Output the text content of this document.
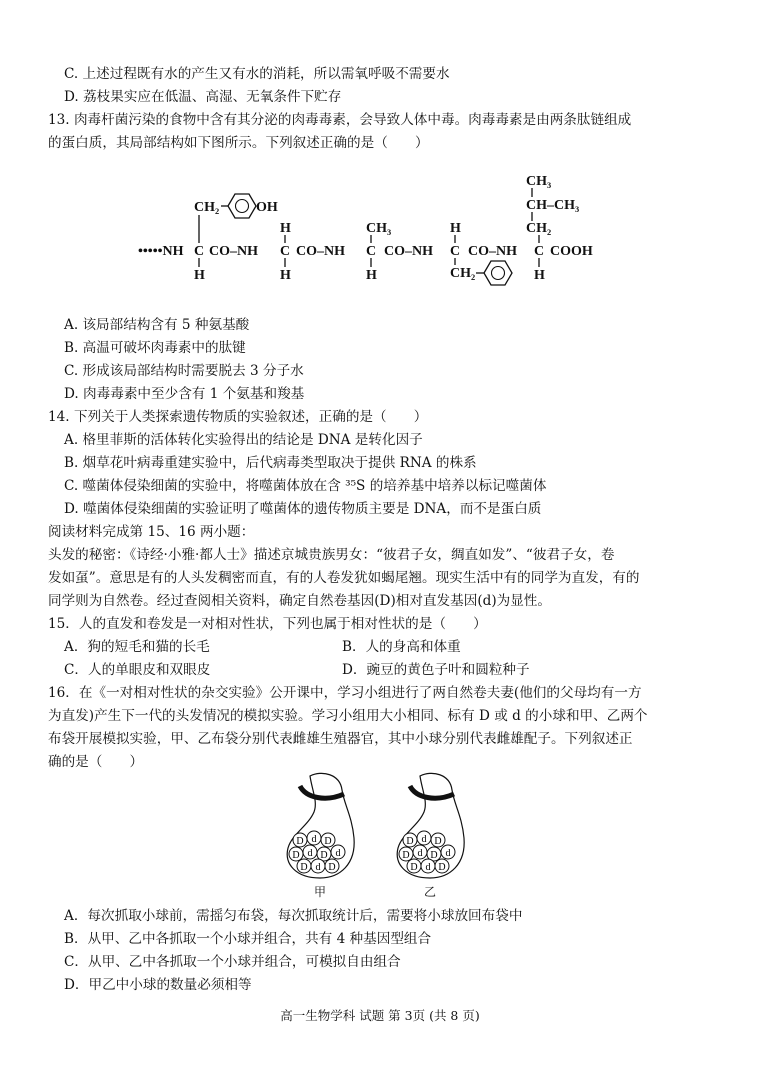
C. 上述过程既有水的产生又有水的消耗，所以需氧呼吸不需要水
D. 荔枝果实应在低温、高湿、无氧条件下贮存
13. 肉毒杆菌污染的食物中含有其分泌的肉毒毒素，会导致人体中毒。肉毒毒素是由两条肽链组成
的蛋白质，其局部结构如下图所示。下列叙述正确的是（　　）
•••••NH C CO–NH C CO–NH C CO–NH C CO–NH C COOH
H	H	H	H
H	CH₃	H
CH₂	OH
CH₂
CH–CH₃
CH₃
CH₂
A. 该局部结构含有 5 种氨基酸
B. 高温可破坏肉毒素中的肽键
C. 形成该局部结构时需要脱去 3 分子水
D. 肉毒毒素中至少含有 1 个氨基和羧基
14. 下列关于人类探索遗传物质的实验叙述，正确的是（　　）
A. 格里菲斯的活体转化实验得出的结论是 DNA 是转化因子
B. 烟草花叶病毒重建实验中，后代病毒类型取决于提供 RNA 的株系
C. 噬菌体侵染细菌的实验中，将噬菌体放在含 ³⁵S 的培养基中培养以标记噬菌体
D. 噬菌体侵染细菌的实验证明了噬菌体的遗传物质主要是 DNA，而不是蛋白质
阅读材料完成第 15、16 两小题：
头发的秘密：《诗经·小雅·都人士》描述京城贵族男女：“彼君子女，绸直如发”、“彼君子女，卷
发如虿”。意思是有的人头发稠密而直，有的人卷发犹如蝎尾翘。现实生活中有的同学为直发，有的
同学则为自然卷。经过查阅相关资料，确定自然卷基因(D)相对直发基因(d)为显性。
15．人的直发和卷发是一对相对性状，下列也属于相对性状的是（　　）
A．狗的短毛和猫的长毛	B．人的身高和体重
C．人的单眼皮和双眼皮	D．豌豆的黄色子叶和圆粒种子
16．在《一对相对性状的杂交实验》公开课中，学习小组进行了两自然卷夫妻(他们的父母均有一方
为直发)产生下一代的头发情况的模拟实验。学习小组用大小相同、标有 D 或 d 的小球和甲、乙两个
布袋开展模拟实验，甲、乙布袋分别代表雌雄生殖器官，其中小球分别代表雌雄配子。下列叙述正
确的是（　　）
D d D
D d D d
D d D
D d D
D d D d
D d D
甲	乙
A．每次抓取小球前，需摇匀布袋，每次抓取统计后，需要将小球放回布袋中
B．从甲、乙中各抓取一个小球并组合，共有 4 种基因型组合
C．从甲、乙中各抓取一个小球并组合，可模拟自由组合
D．甲乙中小球的数量必须相等
高一生物学科 试题 第 3页 (共 8 页)
